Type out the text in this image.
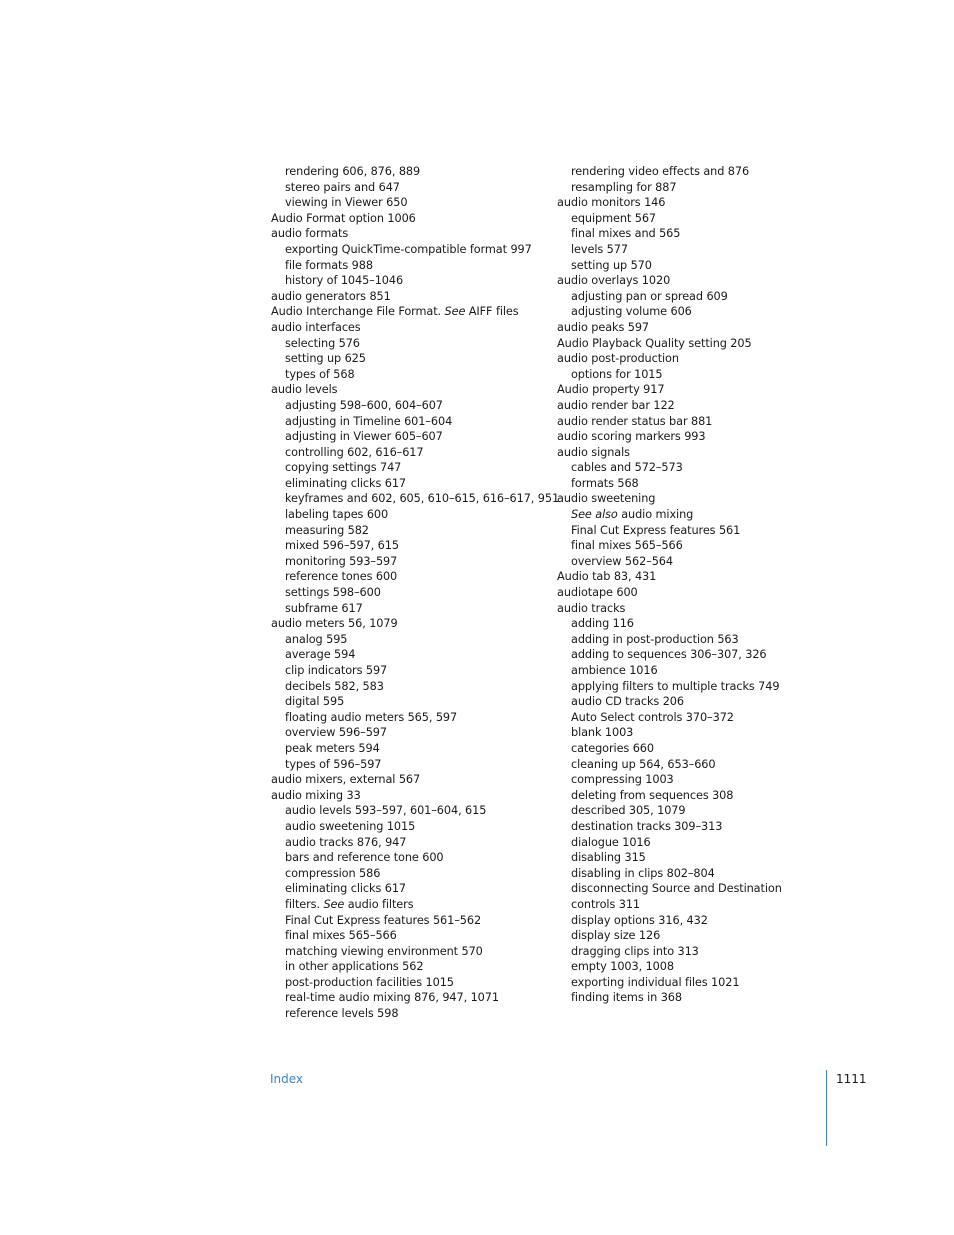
rendering 606, 876, 889
stereo pairs and 647
viewing in Viewer 650
Audio Format option 1006
audio formats
exporting QuickTime-compatible format 997
file formats 988
history of 1045–1046
audio generators 851
Audio Interchange File Format. See AIFF files
audio interfaces
selecting 576
setting up 625
types of 568
audio levels
adjusting 598–600, 604–607
adjusting in Timeline 601–604
adjusting in Viewer 605–607
controlling 602, 616–617
copying settings 747
eliminating clicks 617
keyframes and 602, 605, 610–615, 616–617, 951
labeling tapes 600
measuring 582
mixed 596–597, 615
monitoring 593–597
reference tones 600
settings 598–600
subframe 617
audio meters 56, 1079
analog 595
average 594
clip indicators 597
decibels 582, 583
digital 595
floating audio meters 565, 597
overview 596–597
peak meters 594
types of 596–597
audio mixers, external 567
audio mixing 33
audio levels 593–597, 601–604, 615
audio sweetening 1015
audio tracks 876, 947
bars and reference tone 600
compression 586
eliminating clicks 617
filters. See audio filters
Final Cut Express features 561–562
final mixes 565–566
matching viewing environment 570
in other applications 562
post-production facilities 1015
real-time audio mixing 876, 947, 1071
reference levels 598
rendering video effects and 876
resampling for 887
audio monitors 146
equipment 567
final mixes and 565
levels 577
setting up 570
audio overlays 1020
adjusting pan or spread 609
adjusting volume 606
audio peaks 597
Audio Playback Quality setting 205
audio post-production
options for 1015
Audio property 917
audio render bar 122
audio render status bar 881
audio scoring markers 993
audio signals
cables and 572–573
formats 568
audio sweetening
See also audio mixing
Final Cut Express features 561
final mixes 565–566
overview 562–564
Audio tab 83, 431
audiotape 600
audio tracks
adding 116
adding in post-production 563
adding to sequences 306–307, 326
ambience 1016
applying filters to multiple tracks 749
audio CD tracks 206
Auto Select controls 370–372
blank 1003
categories 660
cleaning up 564, 653–660
compressing 1003
deleting from sequences 308
described 305, 1079
destination tracks 309–313
dialogue 1016
disabling 315
disabling in clips 802–804
disconnecting Source and Destination
controls 311
display options 316, 432
display size 126
dragging clips into 313
empty 1003, 1008
exporting individual files 1021
finding items in 368
Index	1111
